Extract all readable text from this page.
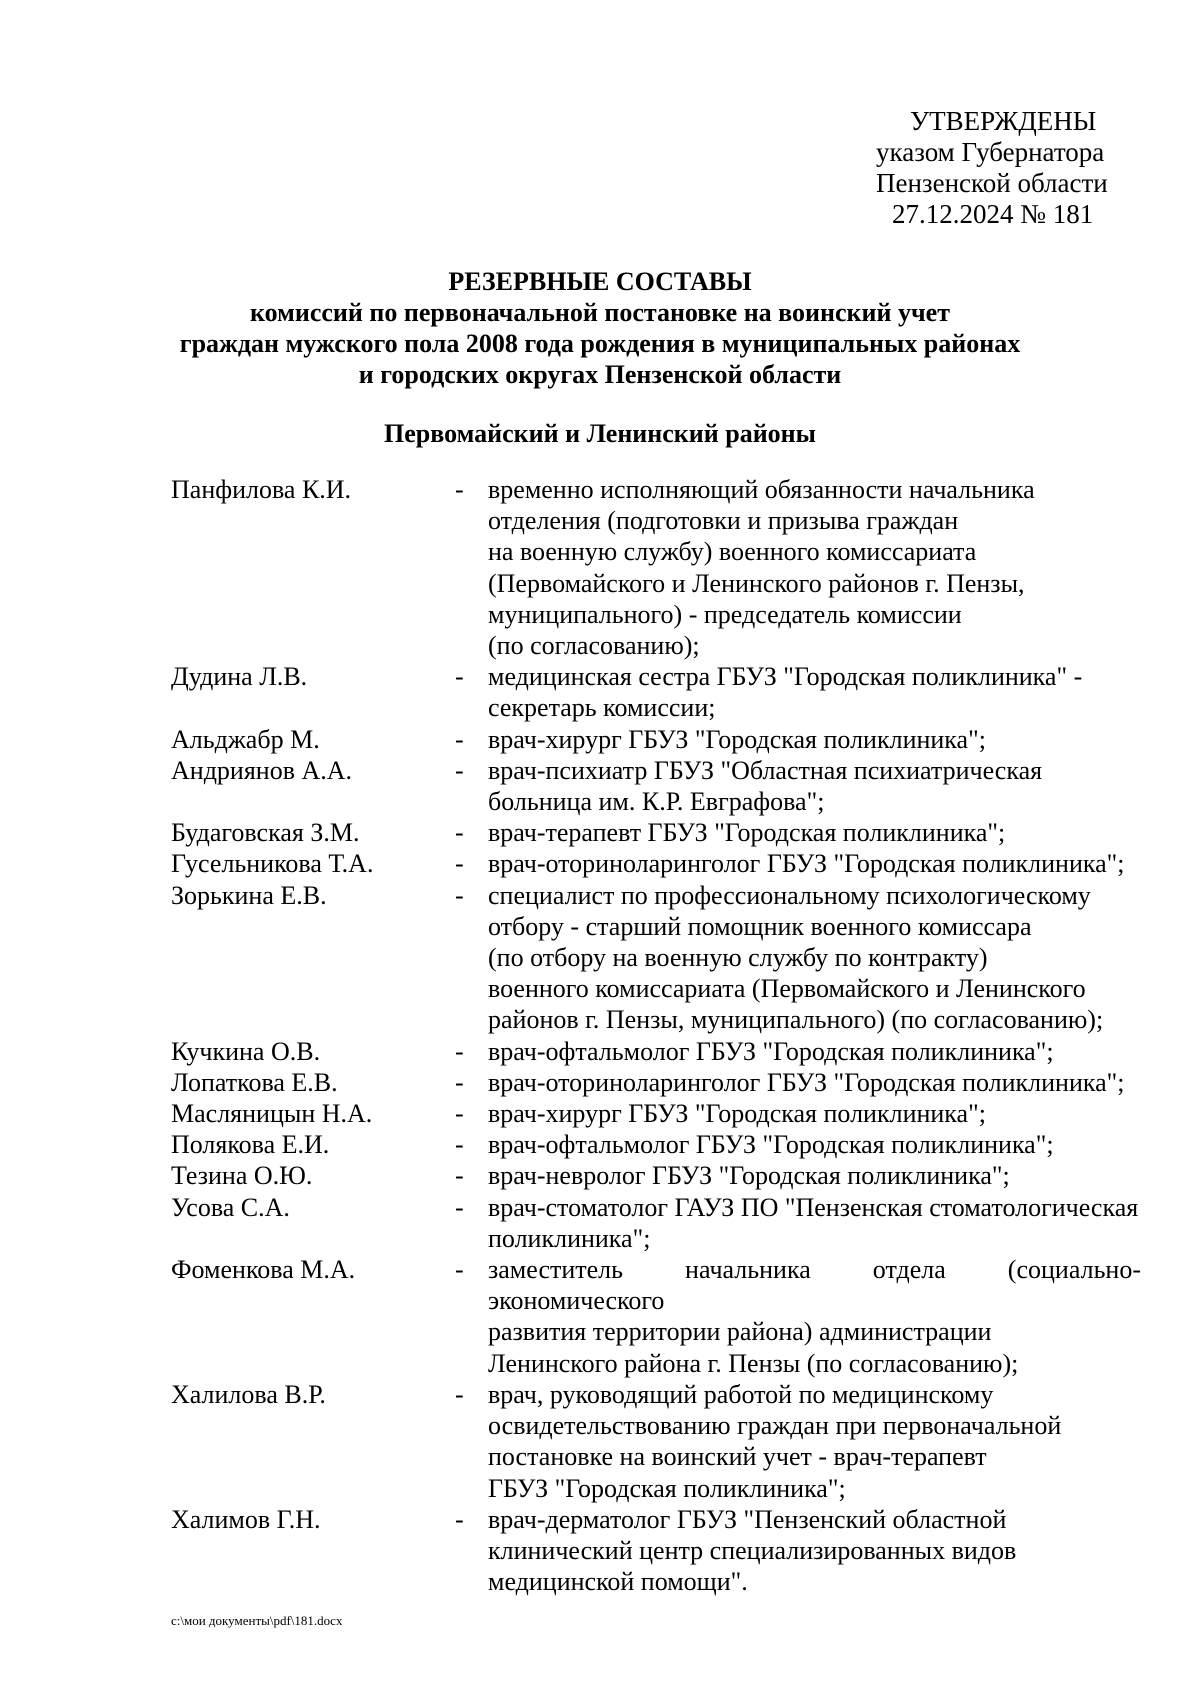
УТВЕРЖДЕНЫ
указом Губернатора
Пензенской области
27.12.2024 № 181
РЕЗЕРВНЫЕ СОСТАВЫ
комиссий по первоначальной постановке на воинский учет
граждан мужского пола 2008 года рождения в муниципальных районах
и городских округах Пензенской области
Первомайский и Ленинский районы
Панфилова К.И.	- временно исполняющий обязанности начальника
отделения (подготовки и призыва граждан
на военную службу) военного комиссариата
(Первомайского и Ленинского районов г. Пензы,
муниципального) - председатель комиссии
(по согласованию);
Дудина Л.В.	- медицинская сестра ГБУЗ "Городская поликлиника" -
секретарь комиссии;
Альджабр М.	- врач-хирург ГБУЗ "Городская поликлиника";
Андриянов А.А.	- врач-психиатр ГБУЗ "Областная психиатрическая
больница им. К.Р. Евграфова";
Будаговская З.М.	- врач-терапевт ГБУЗ "Городская поликлиника";
Гусельникова Т.А.	- врач-оториноларинголог ГБУЗ "Городская поликлиника";
Зорькина Е.В.	- специалист по профессиональному психологическому
отбору - старший помощник военного комиссара
(по отбору на военную службу по контракту)
военного комиссариата (Первомайского и Ленинского
районов г. Пензы, муниципального) (по согласованию);
Кучкина О.В.	- врач-офтальмолог ГБУЗ "Городская поликлиника";
Лопаткова Е.В.	- врач-оториноларинголог ГБУЗ "Городская поликлиника";
Масляницын Н.А.	- врач-хирург ГБУЗ "Городская поликлиника";
Полякова Е.И.	- врач-офтальмолог ГБУЗ "Городская поликлиника";
Тезина О.Ю.	- врач-невролог ГБУЗ "Городская поликлиника";
Усова С.А.	- врач-стоматолог ГАУЗ ПО "Пензенская стоматологическая
поликлиника";
Фоменкова М.А.	- заместитель начальника отдела (социально-экономического
развития территории района) администрации
Ленинского района г. Пензы (по согласованию);
Халилова В.Р.	- врач, руководящий работой по медицинскому
освидетельствованию граждан при первоначальной
постановке на воинский учет - врач-терапевт
ГБУЗ "Городская поликлиника";
Халимов Г.Н.	- врач-дерматолог ГБУЗ "Пензенский областной
клинический центр специализированных видов
медицинской помощи".
c:\мои документы\pdf\181.docx
